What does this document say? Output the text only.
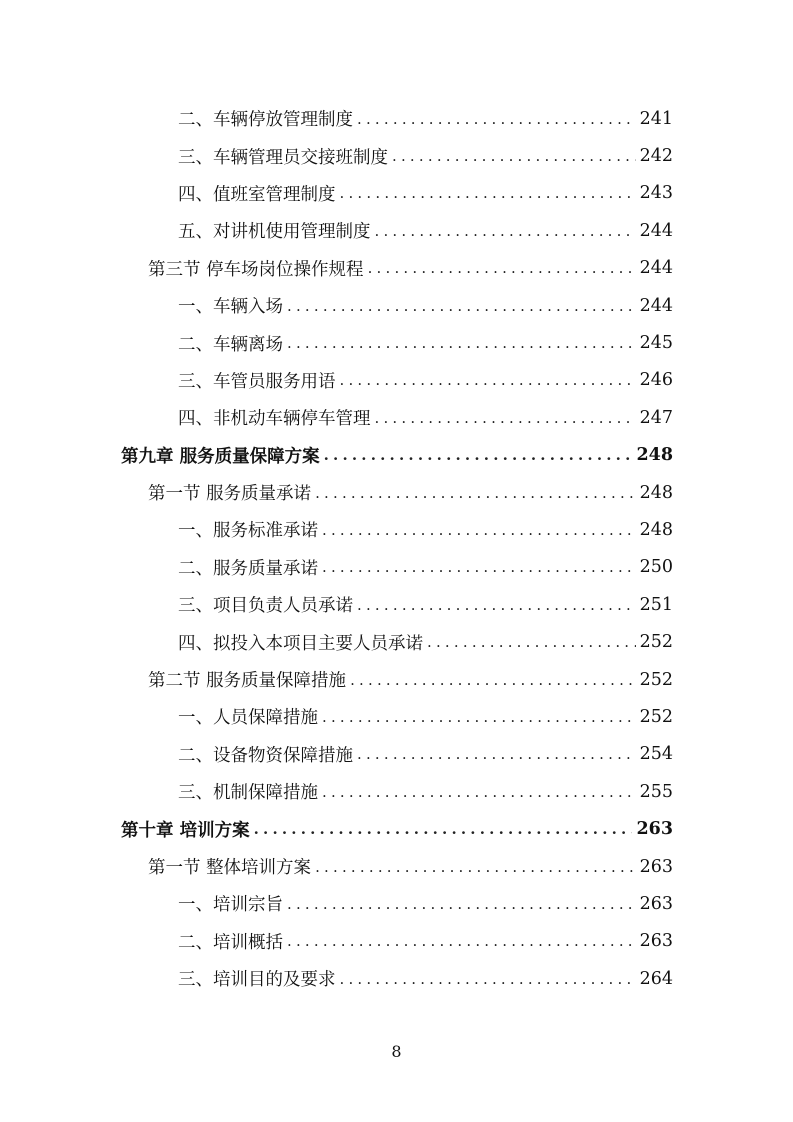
二、车辆停放管理制度 .....	241
三、车辆管理员交接班制度 .....	242
四、值班室管理制度 .....	243
五、对讲机使用管理制度 .....	244
第三节 停车场岗位操作规程 .....	244
一、车辆入场 .....	244
二、车辆离场 .....	245
三、车管员服务用语 .....	246
四、非机动车辆停车管理 .....	247
第九章 服务质量保障方案 .....	248
第一节 服务质量承诺 .....	248
一、服务标准承诺 .....	248
二、服务质量承诺 .....	250
三、项目负责人员承诺 .....	251
四、拟投入本项目主要人员承诺 .....	252
第二节 服务质量保障措施 .....	252
一、人员保障措施 .....	252
二、设备物资保障措施 .....	254
三、机制保障措施 .....	255
第十章 培训方案 .....	263
第一节 整体培训方案 .....	263
一、培训宗旨 .....	263
二、培训概括 .....	263
三、培训目的及要求 .....	264
8
